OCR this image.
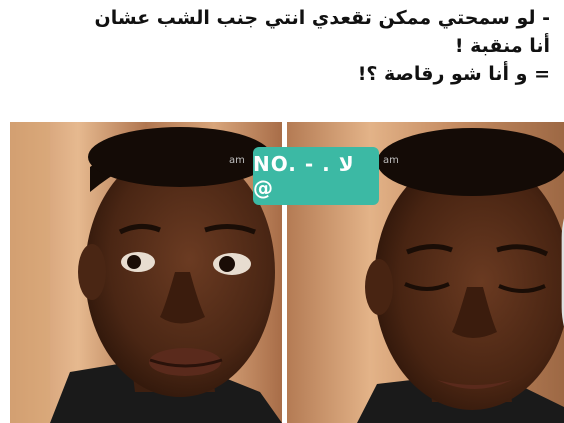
- لو سمحتي ممكن تقعدي انتي جنب الشب عشان
أنا منقبة !
= و أنا شو رقاصة ؟!
am	am
NO. - . لا @
